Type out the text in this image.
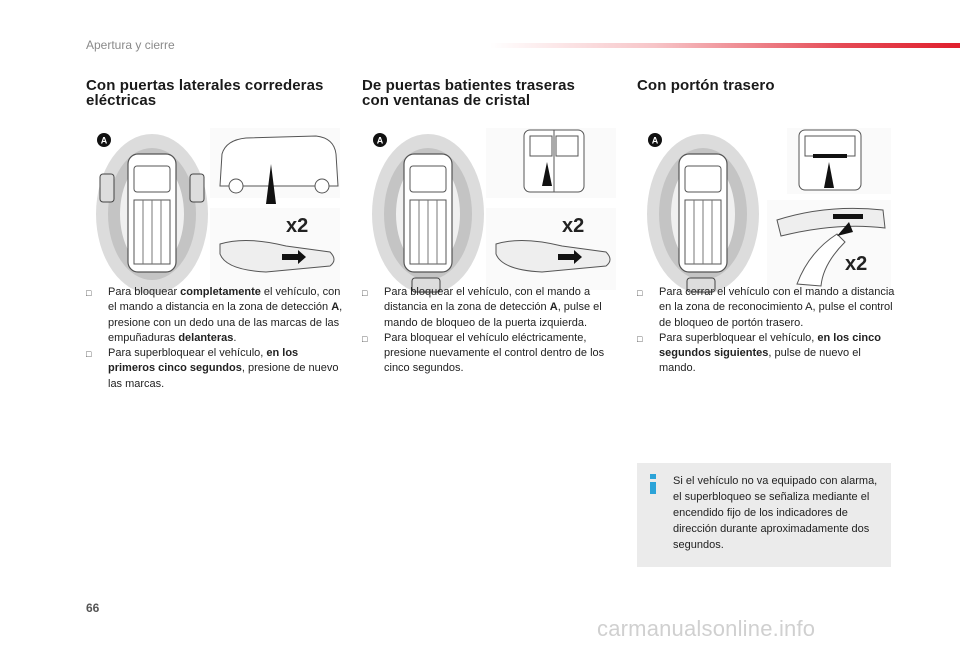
Apertura y cierre
Con puertas laterales correderas
eléctricas
A
x2
□ Para bloquear completamente el vehículo, con el mando a distancia en la zona de detección A, presione con un dedo una de las marcas de las empuñaduras delanteras.
□ Para superbloquear el vehículo, en los primeros cinco segundos, presione de nuevo las marcas.
De puertas batientes traseras
con ventanas de cristal
A
x2
□ Para bloquear el vehículo, con el mando a distancia en la zona de detección A, pulse el mando de bloqueo de la puerta izquierda.
□ Para bloquear el vehículo eléctricamente, presione nuevamente el control dentro de los cinco segundos.
Con portón trasero

A
x2
□ Para cerrar el vehículo con el mando a distancia en la zona de reconocimiento A, pulse el control de bloqueo de portón trasero.
□ Para superbloquear el vehículo, en los cinco segundos siguientes, pulse de nuevo el mando.
Si el vehículo no va equipado con alarma, el superbloqueo se señaliza mediante el encendido fijo de los indicadores de dirección durante aproximadamente dos segundos.
66
carmanualsonline.info
